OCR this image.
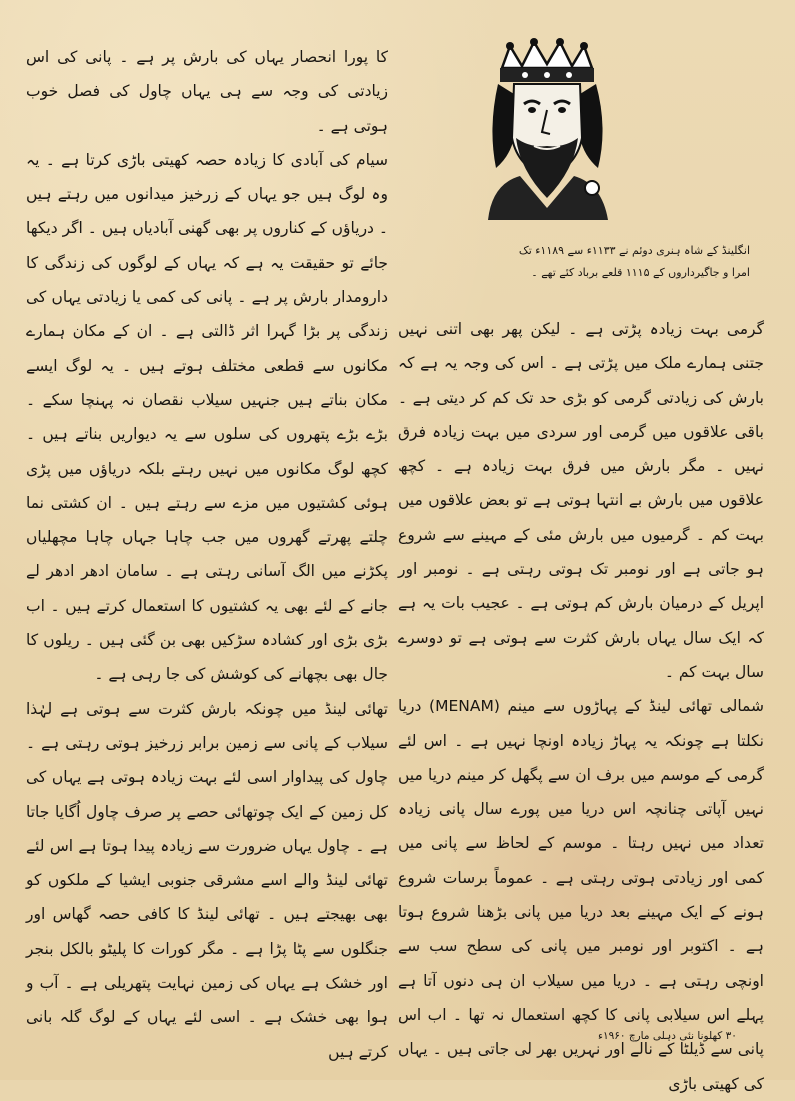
کا پورا انحصار یہاں کی بارش پر ہے ۔ پانی کی اس زیادتی کی وجہ سے ہی یہاں چاول کی فصل خوب ہوتی ہے ۔

سیام کی آبادی کا زیادہ حصہ کھیتی باڑی کرتا ہے ۔ یہ وہ لوگ ہیں جو یہاں کے زرخیز میدانوں میں رہتے ہیں ۔ دریاؤں کے کناروں پر بھی گھنی آبادیاں ہیں ۔ اگر دیکھا جائے تو حقیقت یہ ہے کہ یہاں کے لوگوں کی زندگی کا دارومدار بارش پر ہے ۔ پانی کی کمی یا زیادتی یہاں کی زندگی پر بڑا گہرا اثر ڈالتی ہے ۔ ان کے مکان ہمارے مکانوں سے قطعی مختلف ہوتے ہیں ۔ یہ لوگ ایسے مکان بناتے ہیں جنہیں سیلاب نقصان نہ پہنچا سکے ۔ بڑے بڑے پتھروں کی سلوں سے یہ دیواریں بناتے ہیں ۔ کچھ لوگ مکانوں میں نہیں رہتے بلکہ دریاؤں میں پڑی ہوئی کشتیوں میں مزے سے رہتے ہیں ۔ ان کشتی نما چلتے پھرتے گھروں میں جب چاہا جہاں چاہا مچھلیاں پکڑنے میں الگ آسانی رہتی ہے ۔ سامان ادھر ادھر لے جانے کے لئے بھی یہ کشتیوں کا استعمال کرتے ہیں ۔ اب بڑی بڑی اور کشادہ سڑکیں بھی بن گئی ہیں ۔ ریلوں کا جال بھی بچھانے کی کوشش کی جا رہی ہے ۔

تھائی لینڈ میں چونکہ بارش کثرت سے ہوتی ہے لہٰذا سیلاب کے پانی سے زمین برابر زرخیز ہوتی رہتی ہے ۔ چاول کی پیداوار اسی لئے بہت زیادہ ہوتی ہے یہاں کی کل زمین کے ایک چوتھائی حصے پر صرف چاول اُگایا جاتا ہے ۔ چاول یہاں ضرورت سے زیادہ پیدا ہوتا ہے اس لئے تھائی لینڈ والے اسے مشرقی جنوبی ایشیا کے ملکوں کو بھی بھیجتے ہیں ۔ تھائی لینڈ کا کافی حصہ گھاس اور جنگلوں سے پٹا پڑا ہے ۔ مگر کورات کا پلیٹو بالکل بنجر اور خشک ہے یہاں کی زمین نہایت پتھریلی ہے ۔ آب و ہوا بھی خشک ہے ۔ اسی لئے یہاں کے لوگ گلہ بانی کرتے ہیں

انگلینڈ کے شاہ ہنری دوئم نے ۱۱۳۳ء سے ۱۱۸۹ء تک
امرا و جاگیرداروں کے ۱۱۱۵ قلعے برباد کئے تھے ۔

گرمی بہت زیادہ پڑتی ہے ۔ لیکن پھر بھی اتنی نہیں جتنی ہمارے ملک میں پڑتی ہے ۔ اس کی وجہ یہ ہے کہ بارش کی زیادتی گرمی کو بڑی حد تک کم کر دیتی ہے ۔ باقی علاقوں میں گرمی اور سردی میں بہت زیادہ فرق نہیں ۔ مگر بارش میں فرق بہت زیادہ ہے ۔ کچھ علاقوں میں بارش بے انتہا ہوتی ہے تو بعض علاقوں میں بہت کم ۔ گرمیوں میں بارش مئی کے مہینے سے شروع ہو جاتی ہے اور نومبر تک ہوتی رہتی ہے ۔ نومبر اور اپریل کے درمیان بارش کم ہوتی ہے ۔ عجیب بات یہ ہے کہ ایک سال یہاں بارش کثرت سے ہوتی ہے تو دوسرے سال بہت کم ۔

شمالی تھائی لینڈ کے پہاڑوں سے مینم (MENAM) دریا نکلتا ہے چونکہ یہ پہاڑ زیادہ اونچا نہیں ہے ۔ اس لئے گرمی کے موسم میں برف ان سے پگھل کر مینم دریا میں نہیں آپاتی چنانچہ اس دریا میں پورے سال پانی زیادہ تعداد میں نہیں رہتا ۔ موسم کے لحاظ سے پانی میں کمی اور زیادتی ہوتی رہتی ہے ۔ عموماً برسات شروع ہونے کے ایک مہینے بعد دریا میں پانی بڑھنا شروع ہوتا ہے ۔ اکتوبر اور نومبر میں پانی کی سطح سب سے اونچی رہتی ہے ۔ دریا میں سیلاب ان ہی دنوں آتا ہے پہلے اس سیلابی پانی کا کچھ استعمال نہ تھا ۔ اب اس پانی سے ڈیلٹا کے نالے اور نہریں بھر لی جاتی ہیں ۔ یہاں کی کھیتی باڑی

۳۰ کھلونا نئی دہلی مارچ ۱۹۶۰ء
